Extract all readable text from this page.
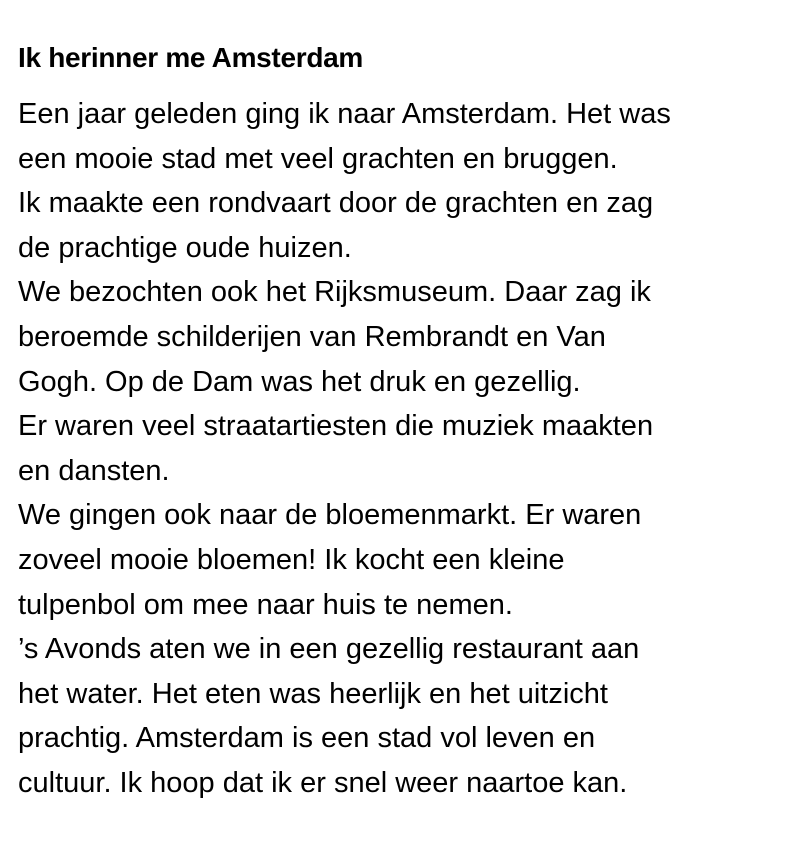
Ik herinner me Amsterdam
Een jaar geleden ging ik naar Amsterdam. Het was
een mooie stad met veel grachten en bruggen.
Ik maakte een rondvaart door de grachten en zag
de prachtige oude huizen.
We bezochten ook het Rijksmuseum. Daar zag ik
beroemde schilderijen van Rembrandt en Van
Gogh. Op de Dam was het druk en gezellig.
Er waren veel straatartiesten die muziek maakten
en dansten.
We gingen ook naar de bloemenmarkt. Er waren
zoveel mooie bloemen! Ik kocht een kleine
tulpenbol om mee naar huis te nemen.
’s Avonds aten we in een gezellig restaurant aan
het water. Het eten was heerlijk en het uitzicht
prachtig. Amsterdam is een stad vol leven en
cultuur. Ik hoop dat ik er snel weer naartoe kan.
